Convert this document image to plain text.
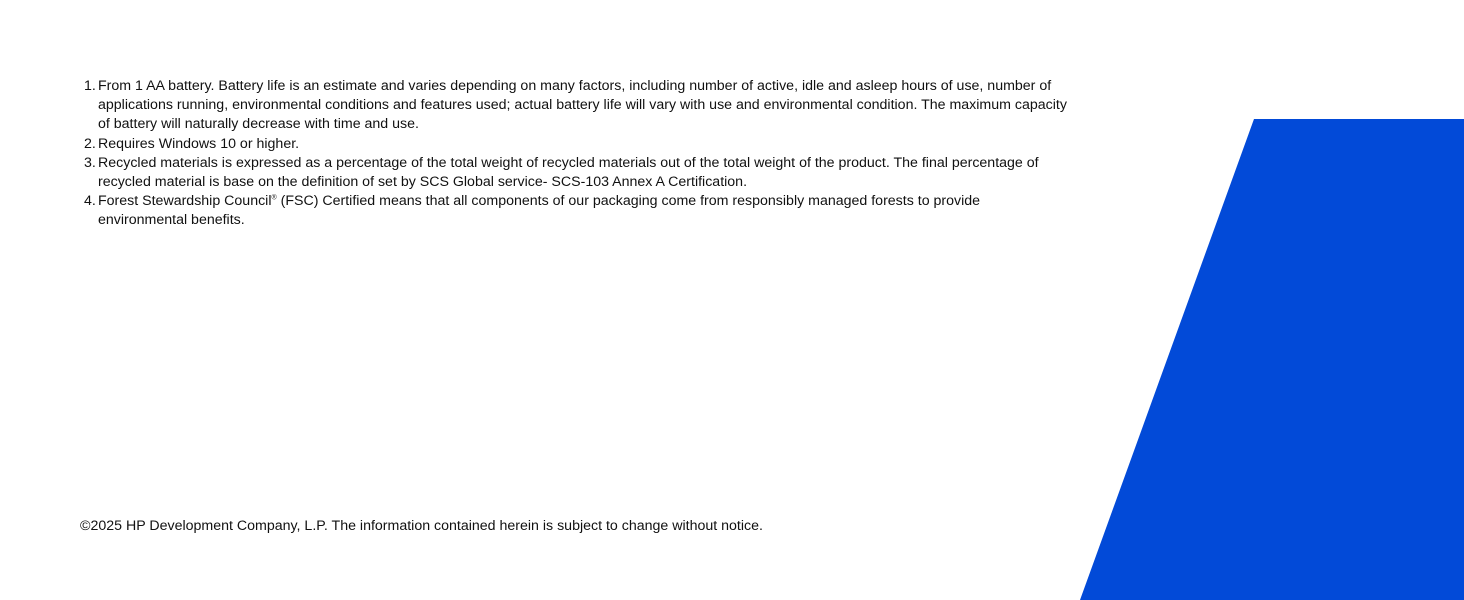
1. From 1 AA battery. Battery life is an estimate and varies depending on many factors, including number of active, idle and asleep hours of use, number of applications running, environmental conditions and features used; actual battery life will vary with use and environmental condition. The maximum capacity of battery will naturally decrease with time and use.
2. Requires Windows 10 or higher.
3. Recycled materials is expressed as a percentage of the total weight of recycled materials out of the total weight of the product. The final percentage of recycled material is base on the definition of set by SCS Global service- SCS-103 Annex A Certification.
4. Forest Stewardship Council® (FSC) Certified means that all components of our packaging come from responsibly managed forests to provide environmental benefits.

©2025 HP Development Company, L.P. The information contained herein is subject to change without notice.
